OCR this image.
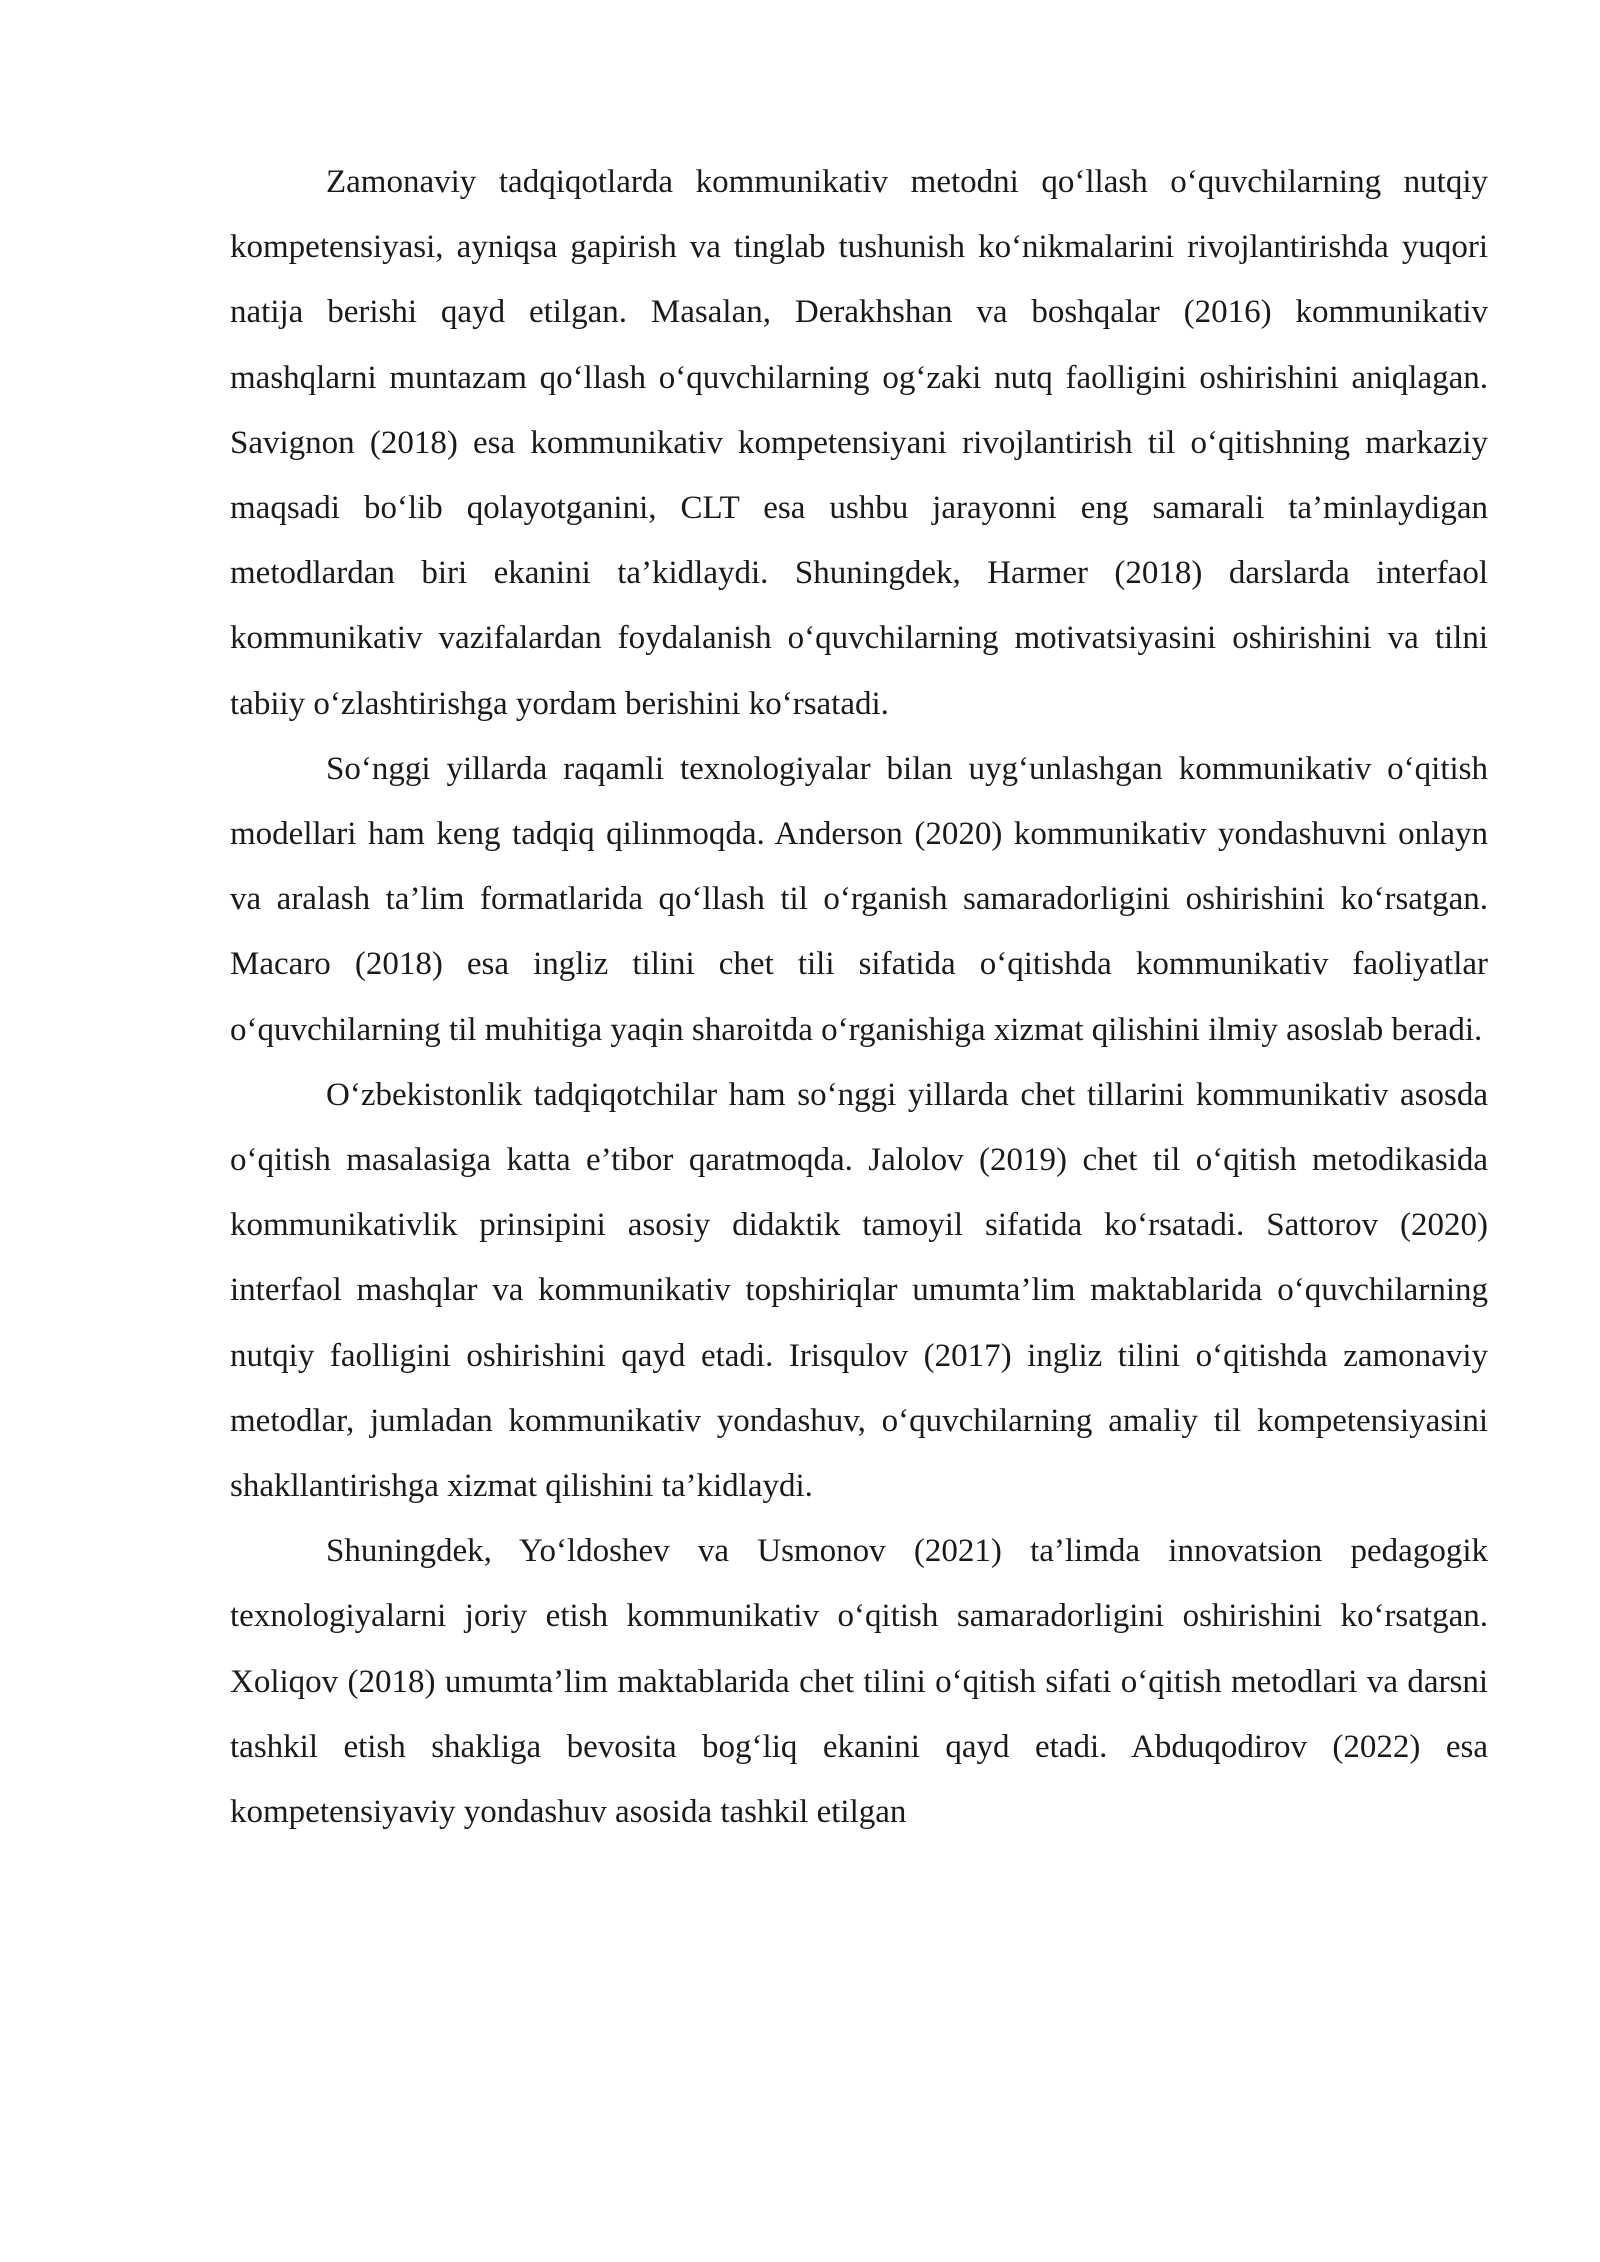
Zamonaviy tadqiqotlarda kommunikativ metodni qo‘llash o‘quvchilarning nutqiy kompetensiyasi, ayniqsa gapirish va tinglab tushunish ko‘nikmalarini rivojlantirishda yuqori natija berishi qayd etilgan. Masalan, Derakhshan va boshqalar (2016) kommunikativ mashqlarni muntazam qo‘llash o‘quvchilarning og‘zaki nutq faolligini oshirishini aniqlagan. Savignon (2018) esa kommunikativ kompetensiyani rivojlantirish til o‘qitishning markaziy maqsadi bo‘lib qolayotganini, CLT esa ushbu jarayonni eng samarali ta’minlaydigan metodlardan biri ekanini ta’kidlaydi. Shuningdek, Harmer (2018) darslarda interfaol kommunikativ vazifalardan foydalanish o‘quvchilarning motivatsiyasini oshirishini va tilni tabiiy o‘zlashtirishga yordam berishini ko‘rsatadi.

So‘nggi yillarda raqamli texnologiyalar bilan uyg‘unlashgan kommunikativ o‘qitish modellari ham keng tadqiq qilinmoqda. Anderson (2020) kommunikativ yondashuvni onlayn va aralash ta’lim formatlarida qo‘llash til o‘rganish samaradorligini oshirishini ko‘rsatgan. Macaro (2018) esa ingliz tilini chet tili sifatida o‘qitishda kommunikativ faoliyatlar o‘quvchilarning til muhitiga yaqin sharoitda o‘rganishiga xizmat qilishini ilmiy asoslab beradi.

O‘zbekistonlik tadqiqotchilar ham so‘nggi yillarda chet tillarini kommunikativ asosda o‘qitish masalasiga katta e’tibor qaratmoqda. Jalolov (2019) chet til o‘qitish metodikasida kommunikativlik prinsipini asosiy didaktik tamoyil sifatida ko‘rsatadi. Sattorov (2020) interfaol mashqlar va kommunikativ topshiriqlar umumta’lim maktablarida o‘quvchilarning nutqiy faolligini oshirishini qayd etadi. Irisqulov (2017) ingliz tilini o‘qitishda zamonaviy metodlar, jumladan kommunikativ yondashuv, o‘quvchilarning amaliy til kompetensiyasini shakllantirishga xizmat qilishini ta’kidlaydi.

Shuningdek, Yo‘ldoshev va Usmonov (2021) ta’limda innovatsion pedagogik texnologiyalarni joriy etish kommunikativ o‘qitish samaradorligini oshirishini ko‘rsatgan. Xoliqov (2018) umumta’lim maktablarida chet tilini o‘qitish sifati o‘qitish metodlari va darsni tashkil etish shakliga bevosita bog‘liq ekanini qayd etadi. Abduqodirov (2022) esa kompetensiyaviy yondashuv asosida tashkil etilgan
